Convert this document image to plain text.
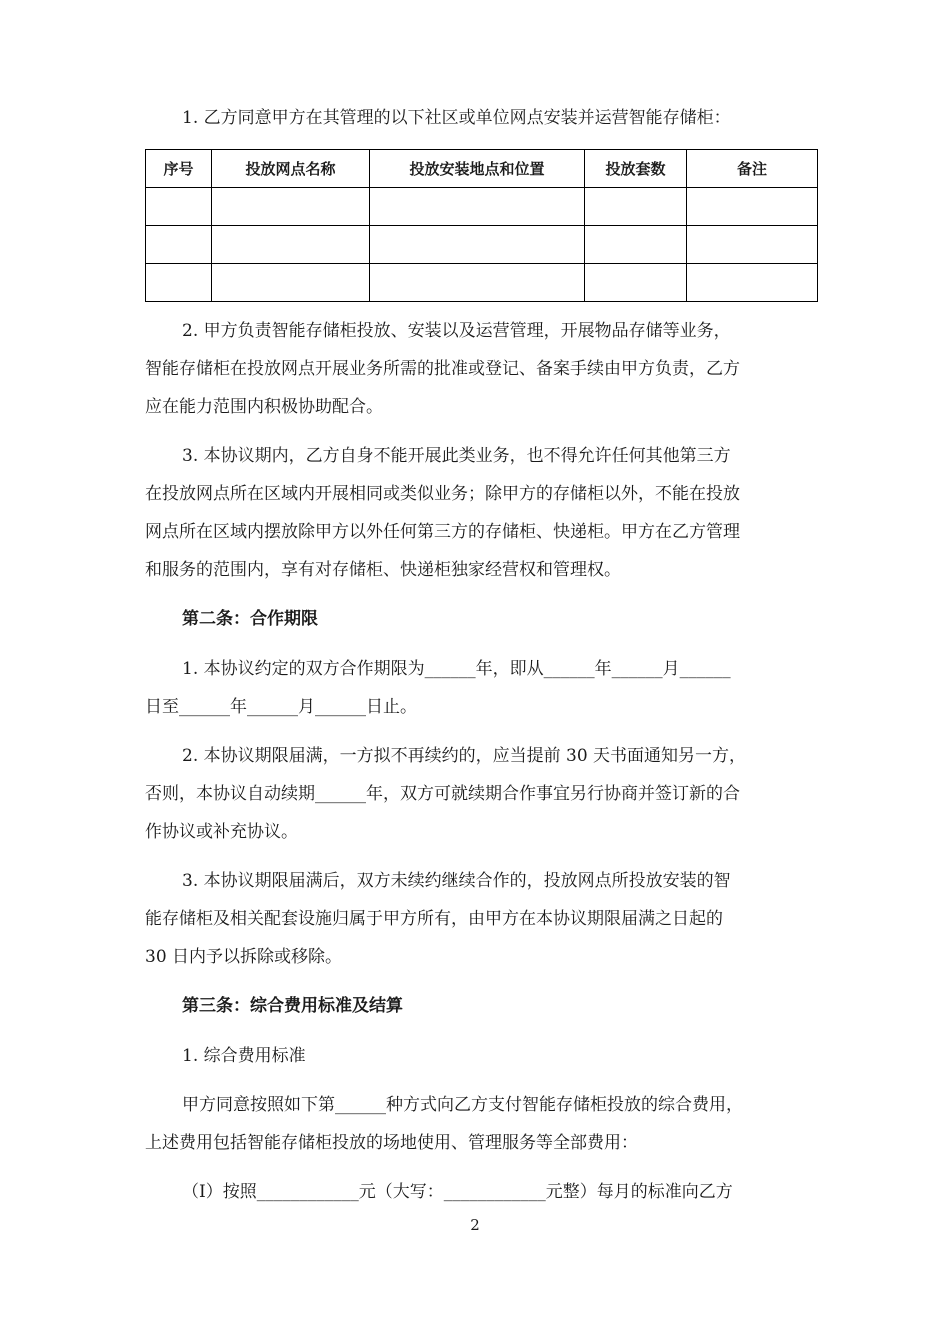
1. 乙方同意甲方在其管理的以下社区或单位网点安装并运营智能存储柜：

序号	投放网点名称	投放安装地点和位置	投放套数	备注

2. 甲方负责智能存储柜投放、安装以及运营管理，开展物品存储等业务，

智能存储柜在投放网点开展业务所需的批准或登记、备案手续由甲方负责，乙方

应在能力范围内积极协助配合。

3. 本协议期内，乙方自身不能开展此类业务，也不得允许任何其他第三方

在投放网点所在区域内开展相同或类似业务；除甲方的存储柜以外，不能在投放

网点所在区域内摆放除甲方以外任何第三方的存储柜、快递柜。甲方在乙方管理

和服务的范围内，享有对存储柜、快递柜独家经营权和管理权。

第二条：合作期限

1. 本协议约定的双方合作期限为______年，即从______年______月______

日至______年______月______日止。

2. 本协议期限届满，一方拟不再续约的，应当提前 30 天书面通知另一方，

否则，本协议自动续期______年，双方可就续期合作事宜另行协商并签订新的合

作协议或补充协议。

3. 本协议期限届满后，双方未续约继续合作的，投放网点所投放安装的智

能存储柜及相关配套设施归属于甲方所有，由甲方在本协议期限届满之日起的

30 日内予以拆除或移除。

第三条：综合费用标准及结算

1. 综合费用标准

甲方同意按照如下第______种方式向乙方支付智能存储柜投放的综合费用，

上述费用包括智能存储柜投放的场地使用、管理服务等全部费用：

（Ⅰ）按照____________元（大写：____________元整）每月的标准向乙方

2
